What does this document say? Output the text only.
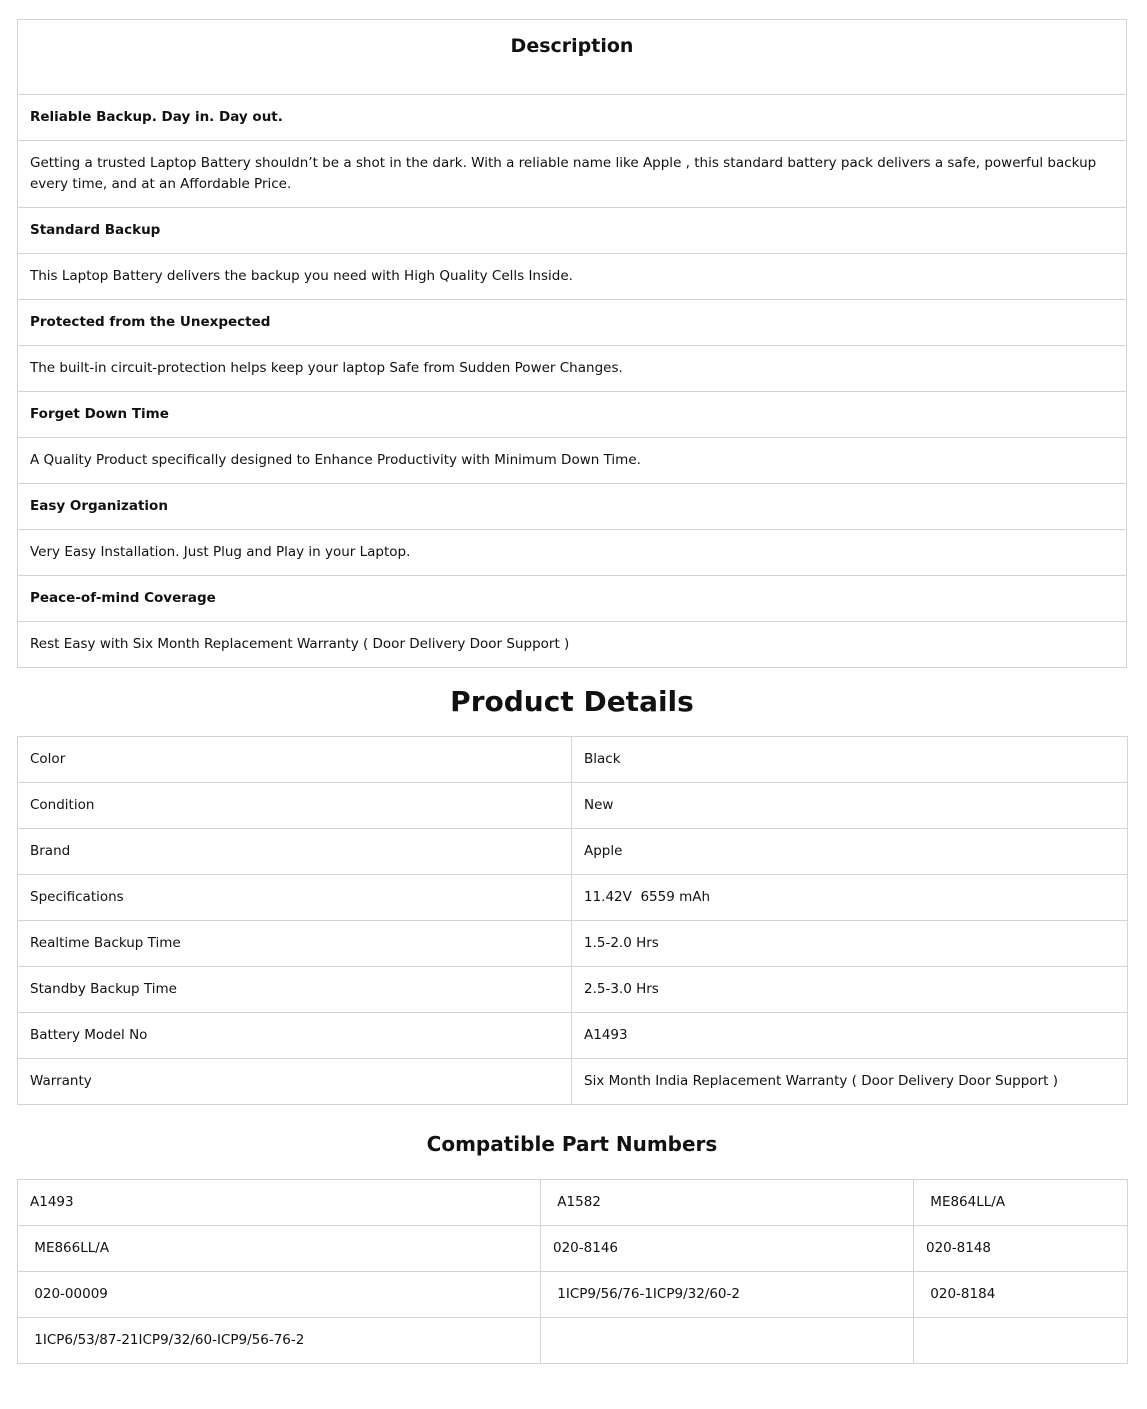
Description

Reliable Backup. Day in. Day out.
Getting a trusted Laptop Battery shouldn’t be a shot in the dark. With a reliable name like Apple , this standard battery pack delivers a safe, powerful backup every time, and at an Affordable Price.
Standard Backup
This Laptop Battery delivers the backup you need with High Quality Cells Inside.
Protected from the Unexpected
The built-in circuit-protection helps keep your laptop Safe from Sudden Power Changes.
Forget Down Time
A Quality Product specifically designed to Enhance Productivity with Minimum Down Time.
Easy Organization
Very Easy Installation. Just Plug and Play in your Laptop.
Peace-of-mind Coverage
Rest Easy with Six Month Replacement Warranty ( Door Delivery Door Support )
Product Details
Color	Black
Condition	New
Brand	Apple
Specifications	11.42V  6559 mAh
Realtime Backup Time	1.5-2.0 Hrs
Standby Backup Time	2.5-3.0 Hrs
Battery Model No	A1493
Warranty	Six Month India Replacement Warranty ( Door Delivery Door Support )
Compatible Part Numbers
A1493	A1582	ME864LL/A
ME866LL/A	020-8146	020-8148
020-00009	1ICP9/56/76-1ICP9/32/60-2	020-8184
1ICP6/53/87-21ICP9/32/60-ICP9/56-76-2		
